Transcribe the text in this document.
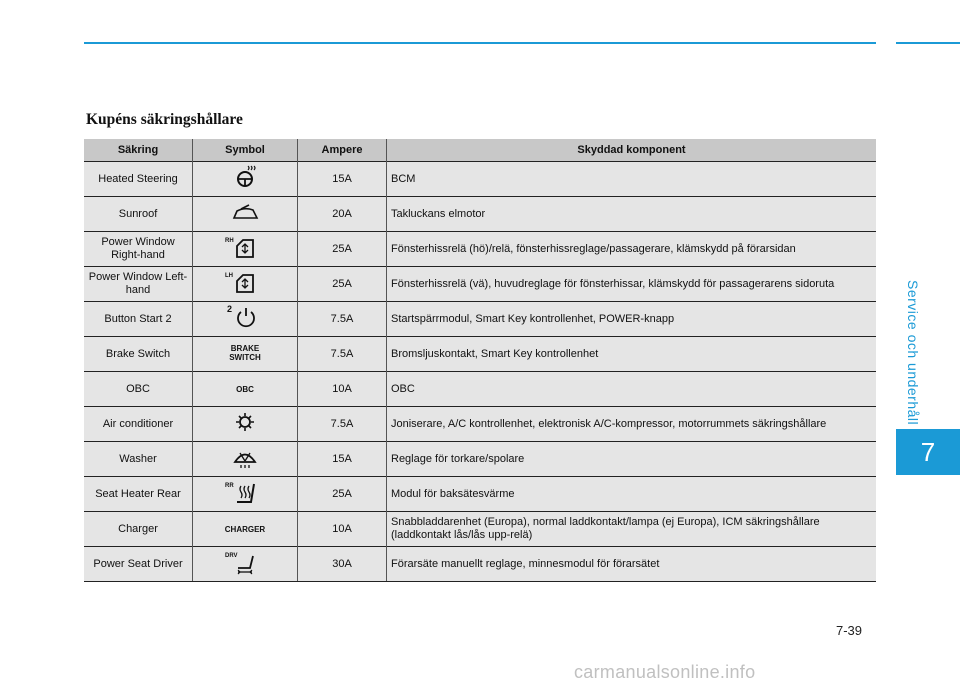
Service och underhåll
7
Kupéns säkringshållare
Säkring	Symbol	Ampere	Skyddad komponent
Heated Steering		15A	BCM
Sunroof		20A	Takluckans elmotor
Power Window Right-hand	RH	25A	Fönsterhissrelä (hö)/relä, fönsterhissreglage/passagerare, klämskydd på förarsidan
Power Window Left-hand	LH	25A	Fönsterhissrelä (vä), huvudreglage för fönsterhissar, klämskydd för passagerarens sidoruta
Button Start 2	2	7.5A	Startspärrmodul, Smart Key kontrollenhet, POWER-knapp
Brake Switch	BRAKE SWITCH	7.5A	Bromsljuskontakt, Smart Key kontrollenhet
OBC	OBC	10A	OBC
Air conditioner		7.5A	Joniserare, A/C kontrollenhet, elektronisk A/C-kompressor, motorrummets säkringshållare
Washer		15A	Reglage för torkare/spolare
Seat Heater Rear	RR	25A	Modul för baksätesvärme
Charger	CHARGER	10A	Snabbladdarenhet (Europa), normal laddkontakt/lampa (ej Europa), ICM säkringshållare (laddkontakt lås/lås upp-relä)
Power Seat Driver	DRV	30A	Förarsäte manuellt reglage, minnesmodul för förarsätet
7-39
carmanualsonline.info
